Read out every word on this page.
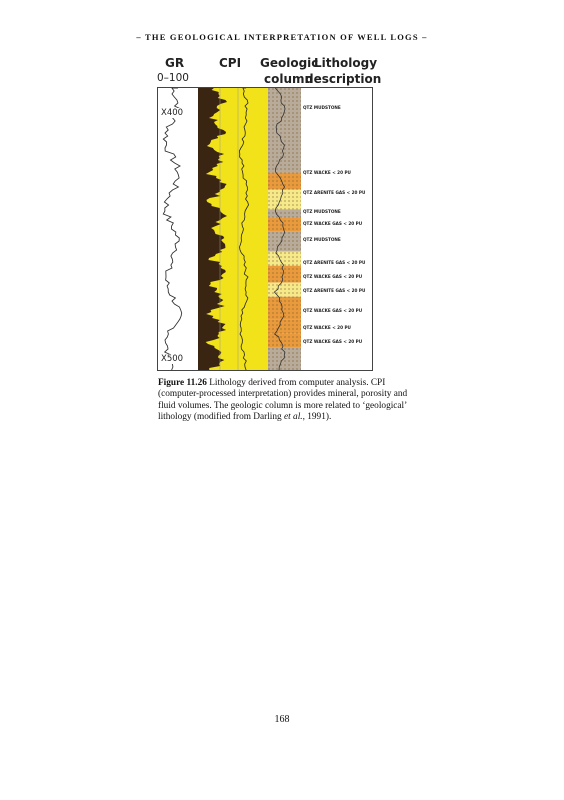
– THE GEOLOGICAL INTERPRETATION OF WELL LOGS –
GR
0–100
CPI Geologic
column
Lithology
description
X400
X500
QTZ MUDSTONE
QTZ WACKE < 20 PU
QTZ ARENITE GAS < 20 PU
QTZ MUDSTONE
QTZ WACKE GAS < 20 PU
QTZ MUDSTONE
QTZ ARENITE GAS < 20 PU
QTZ WACKE GAS < 20 PU
QTZ ARENITE GAS < 20 PU
QTZ WACKE GAS < 20 PU
QTZ WACKE < 20 PU
QTZ WACKE GAS < 20 PU
Figure 11.26 Lithology derived from computer analysis. CPI (computer-processed interpretation) provides mineral, porosity and fluid volumes. The geologic column is more related to ‘geological’ lithology (modified from Darling et al., 1991).
168
